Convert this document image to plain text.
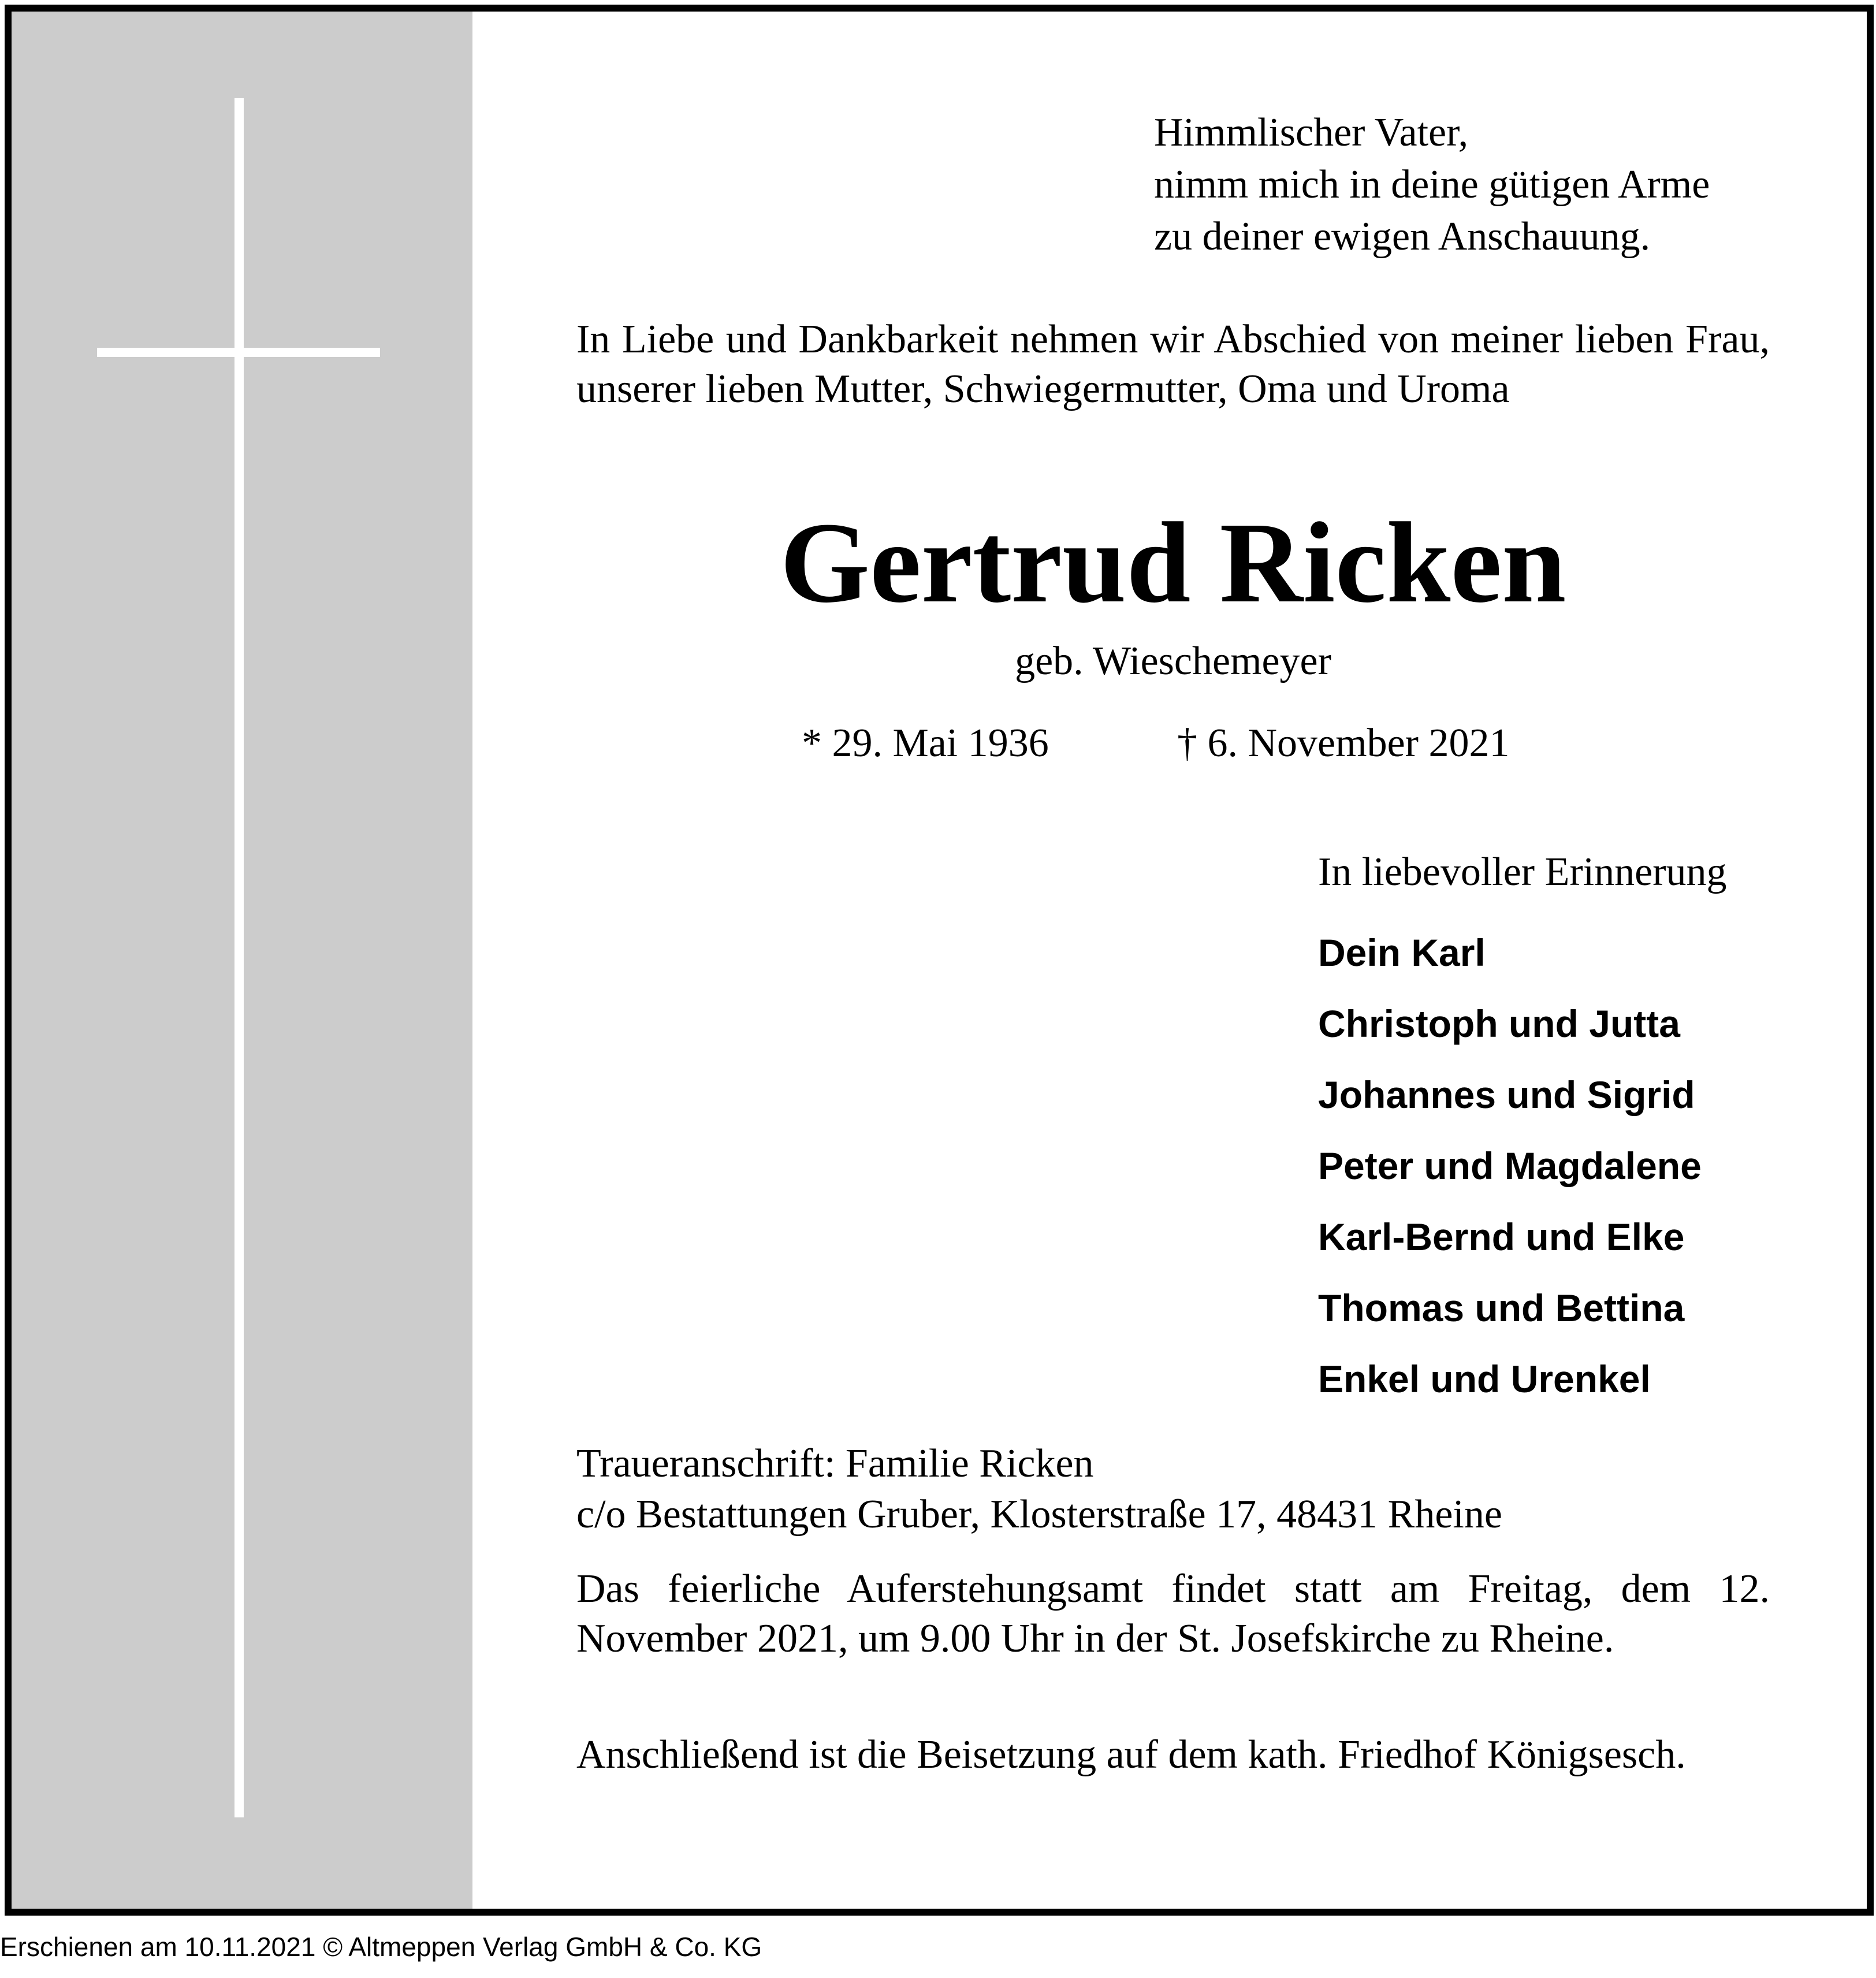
Himmlischer Vater,
nimm mich in deine gütigen Arme
zu deiner ewigen Anschauung.
In Liebe und Dankbarkeit nehmen wir Abschied von meiner lieben Frau, unserer lieben Mutter, Schwiegermutter, Oma und Uroma
Gertrud Ricken
geb. Wieschemeyer
* 29. Mai 1936	† 6. November 2021
In liebevoller Erinnerung
Dein Karl
Christoph und Jutta
Johannes und Sigrid
Peter und Magdalene
Karl-Bernd und Elke
Thomas und Bettina
Enkel und Urenkel
Traueranschrift: Familie Ricken
c/o Bestattungen Gruber, Klosterstraße 17, 48431 Rheine
Das feierliche Auferstehungsamt findet statt am Freitag, dem 12. November 2021, um 9.00 Uhr in der St. Josefskirche zu Rheine.
Anschließend ist die Beisetzung auf dem kath. Friedhof Königsesch.
Erschienen am 10.11.2021 © Altmeppen Verlag GmbH & Co. KG
